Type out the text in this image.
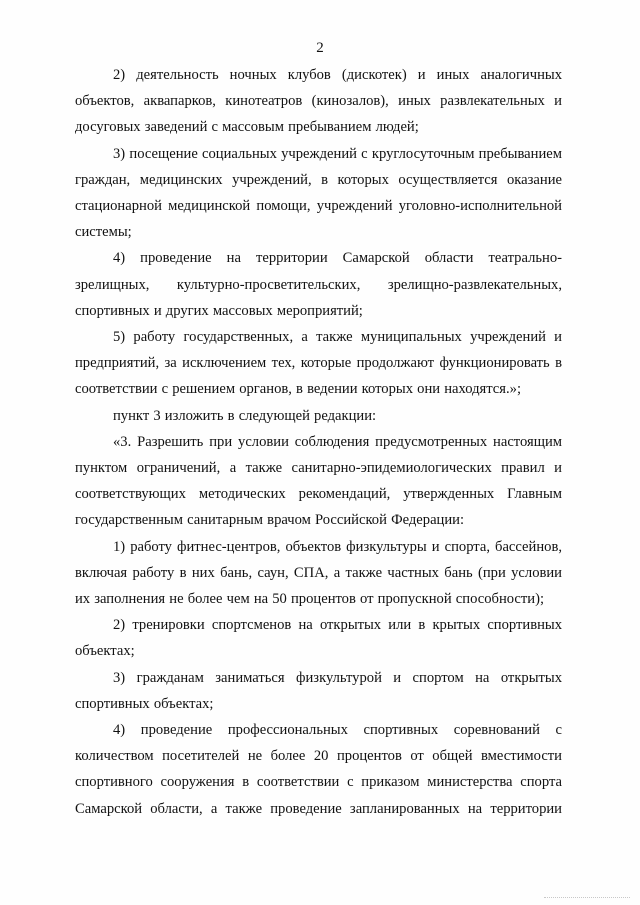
2

2) деятельность ночных клубов (дискотек) и иных аналогичных объектов, аквапарков, кинотеатров (кинозалов), иных развлекательных и досуговых заведений с массовым пребыванием людей;

3) посещение социальных учреждений с круглосуточным пребыванием граждан, медицинских учреждений, в которых осуществляется оказание стационарной медицинской помощи, учреждений уголовно-исполнительной системы;

4) проведение на территории Самарской области театрально-зрелищных, культурно-просветительских, зрелищно-развлекательных, спортивных и других массовых мероприятий;

5) работу государственных, а также муниципальных учреждений и предприятий, за исключением тех, которые продолжают функционировать в соответствии с решением органов, в ведении которых они находятся.»;

пункт 3 изложить в следующей редакции:

«3. Разрешить при условии соблюдения предусмотренных настоящим пунктом ограничений, а также санитарно-эпидемиологических правил и соответствующих методических рекомендаций, утвержденных Главным государственным санитарным врачом Российской Федерации:

1) работу фитнес-центров, объектов физкультуры и спорта, бассейнов, включая работу в них бань, саун, СПА, а также частных бань (при условии их заполнения не более чем на 50 процентов от пропускной способности);

2) тренировки спортсменов на открытых или в крытых спортивных объектах;

3) гражданам заниматься физкультурой и спортом на открытых спортивных объектах;

4) проведение профессиональных спортивных соревнований с количеством посетителей не более 20 процентов от общей вместимости спортивного сооружения в соответствии с приказом министерства спорта Самарской области, а также проведение запланированных на территории
